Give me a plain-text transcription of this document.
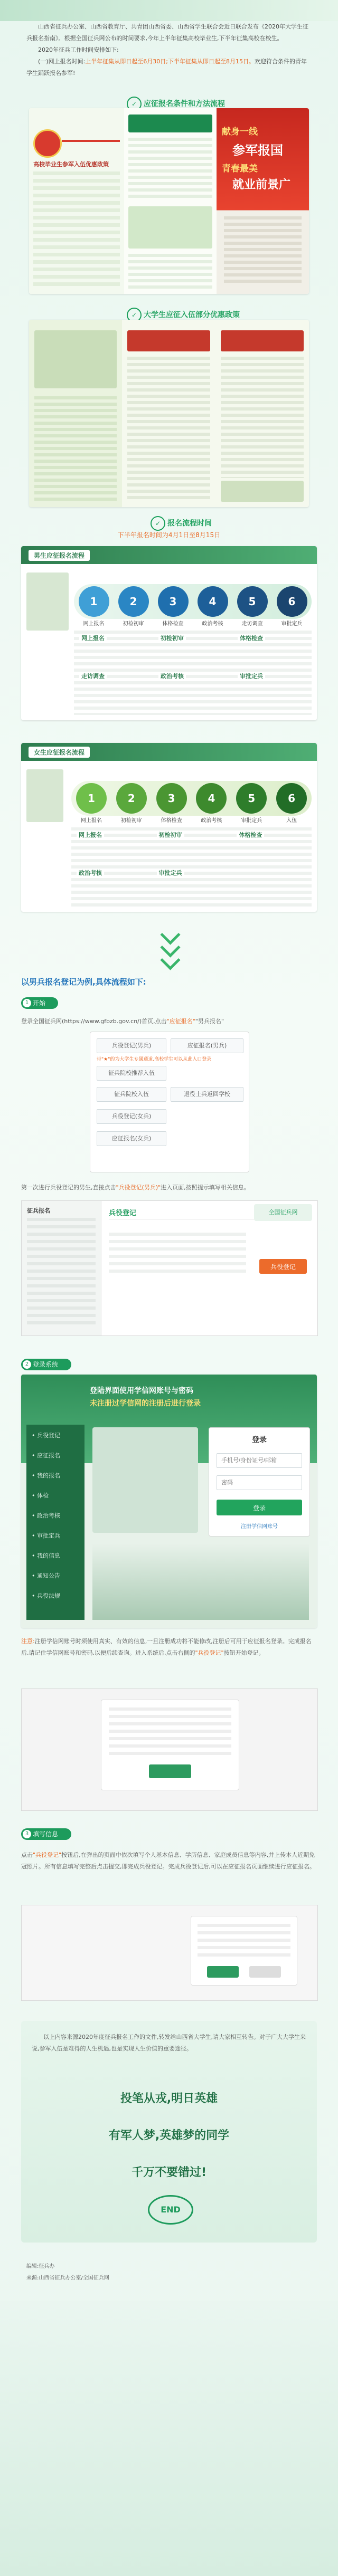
山西省征兵办公室、山西省教育厅、共青团山西省委、山西省学生联合会近日联合发布《2020年大学生征兵报名指南》。根据全国征兵网公布的时间要求,今年上半年征集高校毕业生,下半年征集高校在校生。
2020年征兵工作时间安排如下:
(一)网上报名时间:上半年征集从即日起至6月30日;下半年征集从即日起至8月15日。欢迎符合条件的青年学生踊跃报名参军!
✓ 应征报名条件和方法流程
高校毕业生参军入伍优惠政策
献身一线
参军报国
青春最美
就业前景广
✓ 大学生应征入伍部分优惠政策
✓ 报名流程时间
下半年报名时间为4月1日至8月15日
男生应征报名流程
1
网上报名
2
初检初审
3
体格检查
4
政治考核
5
走访调查
6
审批定兵
网上报名	初检初审	体格检查
走访调查	政治考核	审批定兵
女生应征报名流程
1
网上报名
2
初检初审
3
体格检查
4
政治考核
5
审批定兵
6
入伍
网上报名	初检初审	体格检查
政治考核	审批定兵
以男兵报名登记为例,具体流程如下:
1 开始
登录全国征兵网(https://www.gfbzb.gov.cn/)首页,点击"应征报名""男兵报名"
兵役登记(男兵)	应征报名(男兵)
征兵院校推荐入伍
征兵院校入伍	退役士兵返回学校
兵役登记(女兵)
应征报名(女兵)
带"★"的为大学生专属通道,高校学生可以从此入口登录
第一次进行兵役登记的男生,直接点击"兵役登记(男兵)"进入页面,按照提示填写相关信息。
征兵报名	兵役登记	全国征兵网
兵役登记
2 登录系统
登陆界面使用学信网账号与密码
未注册过学信网的注册后进行登录
• 兵役登记
• 应征报名
• 我的报名
• 体检
• 政治考核
• 审批定兵
• 我的信息
• 通知公告
• 兵役法规
登录
手机号/身份证号/邮箱
密码
登录
注册学信网账号
注意:注册学信网账号时须使用真实、有效的信息,一旦注册成功将不能修改,注册后可用于应征报名登录。完成报名后,请记住学信网账号和密码,以便后续查询。进入系统后,点击右侧的"兵役登记"按钮开始登记。
3 填写信息
点击"兵役登记"按钮后,在弹出的页面中依次填写个人基本信息、学历信息、家庭成员信息等内容,并上传本人近期免冠照片。所有信息填写完整后点击提交,即完成兵役登记。完成兵役登记后,可以在应征报名页面继续进行应征报名。
以上内容来源2020年度征兵报名工作的文件,转发给山西省大学生,请大家相互转告。对于广大大学生来说,参军入伍是难得的人生机遇,也是实现人生价值的重要途径。
投笔从戎,明日英雄
有军人梦,英雄梦的同学
千万不要错过!
END
编辑:征兵办
来源:山西省征兵办公室/全国征兵网
